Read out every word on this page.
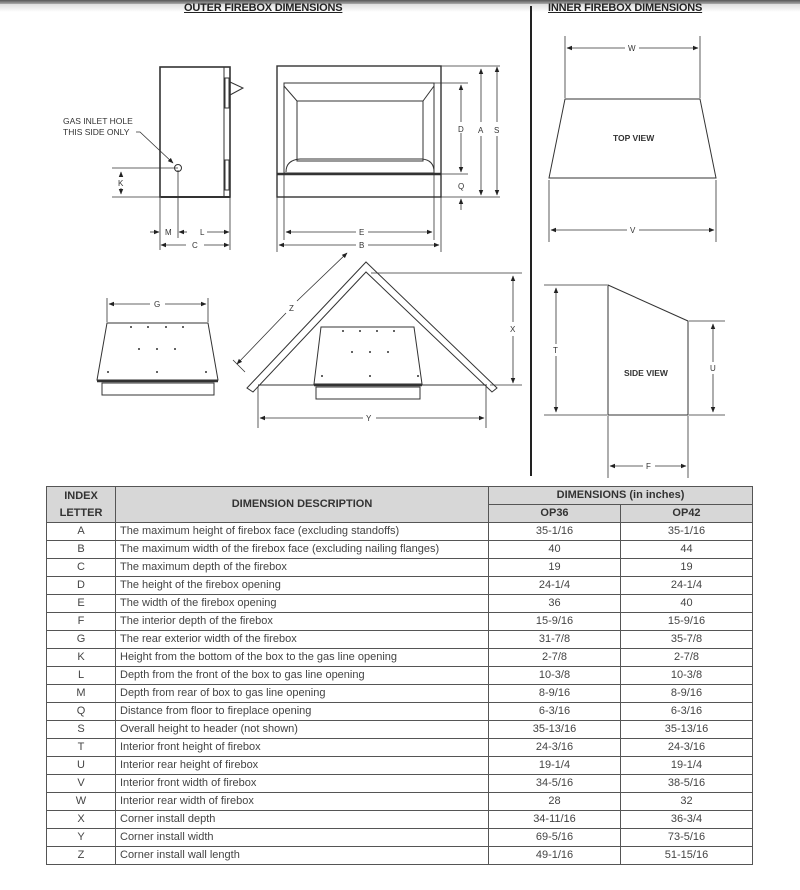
OUTER FIREBOX DIMENSIONS	INNER FIREBOX DIMENSIONS
GAS INLET HOLE
THIS SIDE ONLY
K
M	L
C
D
Q
A S
E
B
G	Z
X
Y
TOP VIEW
W
V
SIDE VIEW
T
U
F
INDEX
LETTER	DIMENSION DESCRIPTION	DIMENSIONS (in inches)	
		OP36	OP42
A	The maximum height of firebox face (excluding standoffs)	35-1/16	35-1/16
B	The maximum width of the firebox face (excluding nailing flanges)	40	44
C	The maximum depth of the firebox	19	19
D	The height of the firebox opening	24-1/4	24-1/4
E	The width of the firebox opening	36	40
F	The interior depth of the firebox	15-9/16	15-9/16
G	The rear exterior width of the firebox	31-7/8	35-7/8
K	Height from the bottom of the box to the gas line opening	2-7/8	2-7/8
L	Depth from the front of the box to gas line opening	10-3/8	10-3/8
M	Depth from rear of box to gas line opening	8-9/16	8-9/16
Q	Distance from floor to fireplace opening	6-3/16	6-3/16
S	Overall height to header (not shown)	35-13/16	35-13/16
T	Interior front height of firebox	24-3/16	24-3/16
U	Interior rear height of firebox	19-1/4	19-1/4
V	Interior front width of firebox	34-5/16	38-5/16
W	Interior rear width of firebox	28	32
X	Corner install depth	34-11/16	36-3/4
Y	Corner install width	69-5/16	73-5/16
Z	Corner install wall length	49-1/16	51-15/16
